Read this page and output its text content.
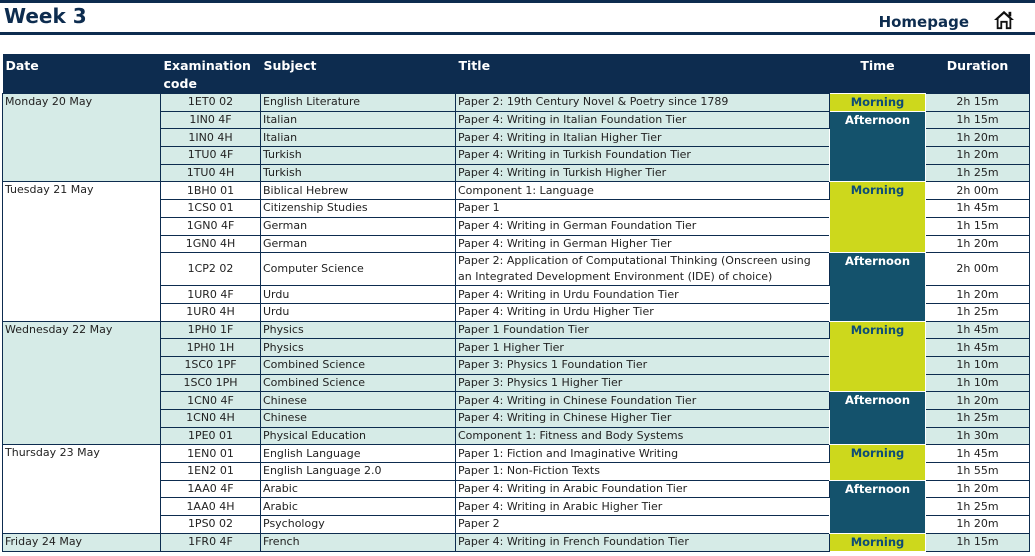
Week 3	Homepage
Date	Examination code	Subject	Title	Time	Duration
Monday 20 May	1ET0 02	English Literature	Paper 2: 19th Century Novel & Poetry since 1789	Morning	2h 15m
	1IN0 4F	Italian	Paper 4: Writing in Italian Foundation Tier	Afternoon	1h 15m
	1IN0 4H	Italian	Paper 4: Writing in Italian Higher Tier		1h 20m
	1TU0 4F	Turkish	Paper 4: Writing in Turkish Foundation Tier		1h 20m
	1TU0 4H	Turkish	Paper 4: Writing in Turkish Higher Tier		1h 25m
Tuesday 21 May	1BH0 01	Biblical Hebrew	Component 1: Language	Morning	2h 00m
	1CS0 01	Citizenship Studies	Paper 1		1h 45m
	1GN0 4F	German	Paper 4: Writing in German Foundation Tier		1h 15m
	1GN0 4H	German	Paper 4: Writing in German Higher Tier		1h 20m
	1CP2 02	Computer Science	Paper 2: Application of Computational Thinking (Onscreen using an Integrated Development Environment (IDE) of choice)	Afternoon	2h 00m
	1UR0 4F	Urdu	Paper 4: Writing in Urdu Foundation Tier		1h 20m
	1UR0 4H	Urdu	Paper 4: Writing in Urdu Higher Tier		1h 25m
Wednesday 22 May	1PH0 1F	Physics	Paper 1 Foundation Tier	Morning	1h 45m
	1PH0 1H	Physics	Paper 1 Higher Tier		1h 45m
	1SC0 1PF	Combined Science	Paper 3: Physics 1 Foundation Tier		1h 10m
	1SC0 1PH	Combined Science	Paper 3: Physics 1 Higher Tier		1h 10m
	1CN0 4F	Chinese	Paper 4: Writing in Chinese Foundation Tier	Afternoon	1h 20m
	1CN0 4H	Chinese	Paper 4: Writing in Chinese Higher Tier		1h 25m
	1PE0 01	Physical Education	Component 1: Fitness and Body Systems		1h 30m
Thursday 23 May	1EN0 01	English Language	Paper 1: Fiction and Imaginative Writing	Morning	1h 45m
	1EN2 01	English Language 2.0	Paper 1: Non-Fiction Texts		1h 55m
	1AA0 4F	Arabic	Paper 4: Writing in Arabic Foundation Tier	Afternoon	1h 20m
	1AA0 4H	Arabic	Paper 4: Writing in Arabic Higher Tier		1h 25m
	1PS0 02	Psychology	Paper 2		1h 20m
Friday 24 May	1FR0 4F	French	Paper 4: Writing in French Foundation Tier	Morning	1h 15m
